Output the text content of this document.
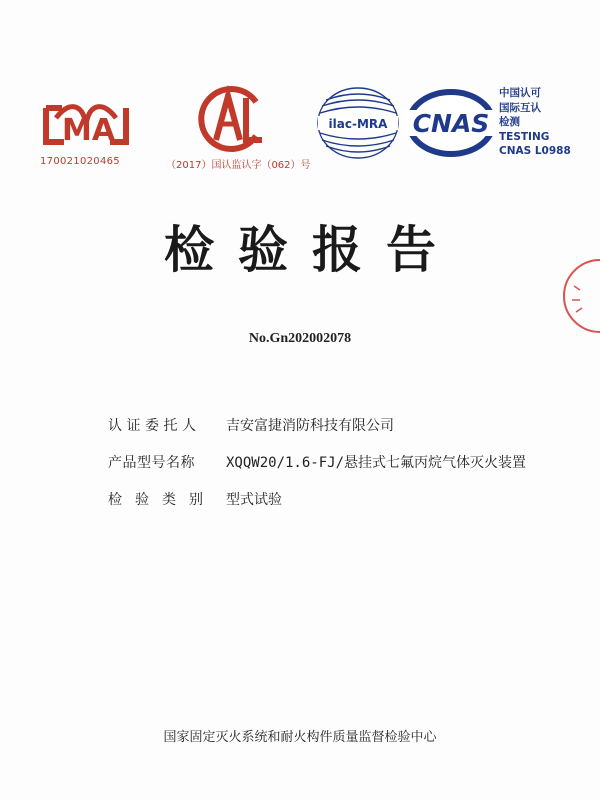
MA
170021020465	（2017）国认监认字（062）号
ilac-MRA CNAS
中国认可
国际互认
检测
TESTING
CNAS L0988
检验报告
No.Gn202002078
认证委托人	吉安富捷消防科技有限公司
产品型号名称	XQQW20/1.6-FJ/悬挂式七氟丙烷气体灭火装置
检验类别 型式试验
国家固定灭火系统和耐火构件质量监督检验中心
